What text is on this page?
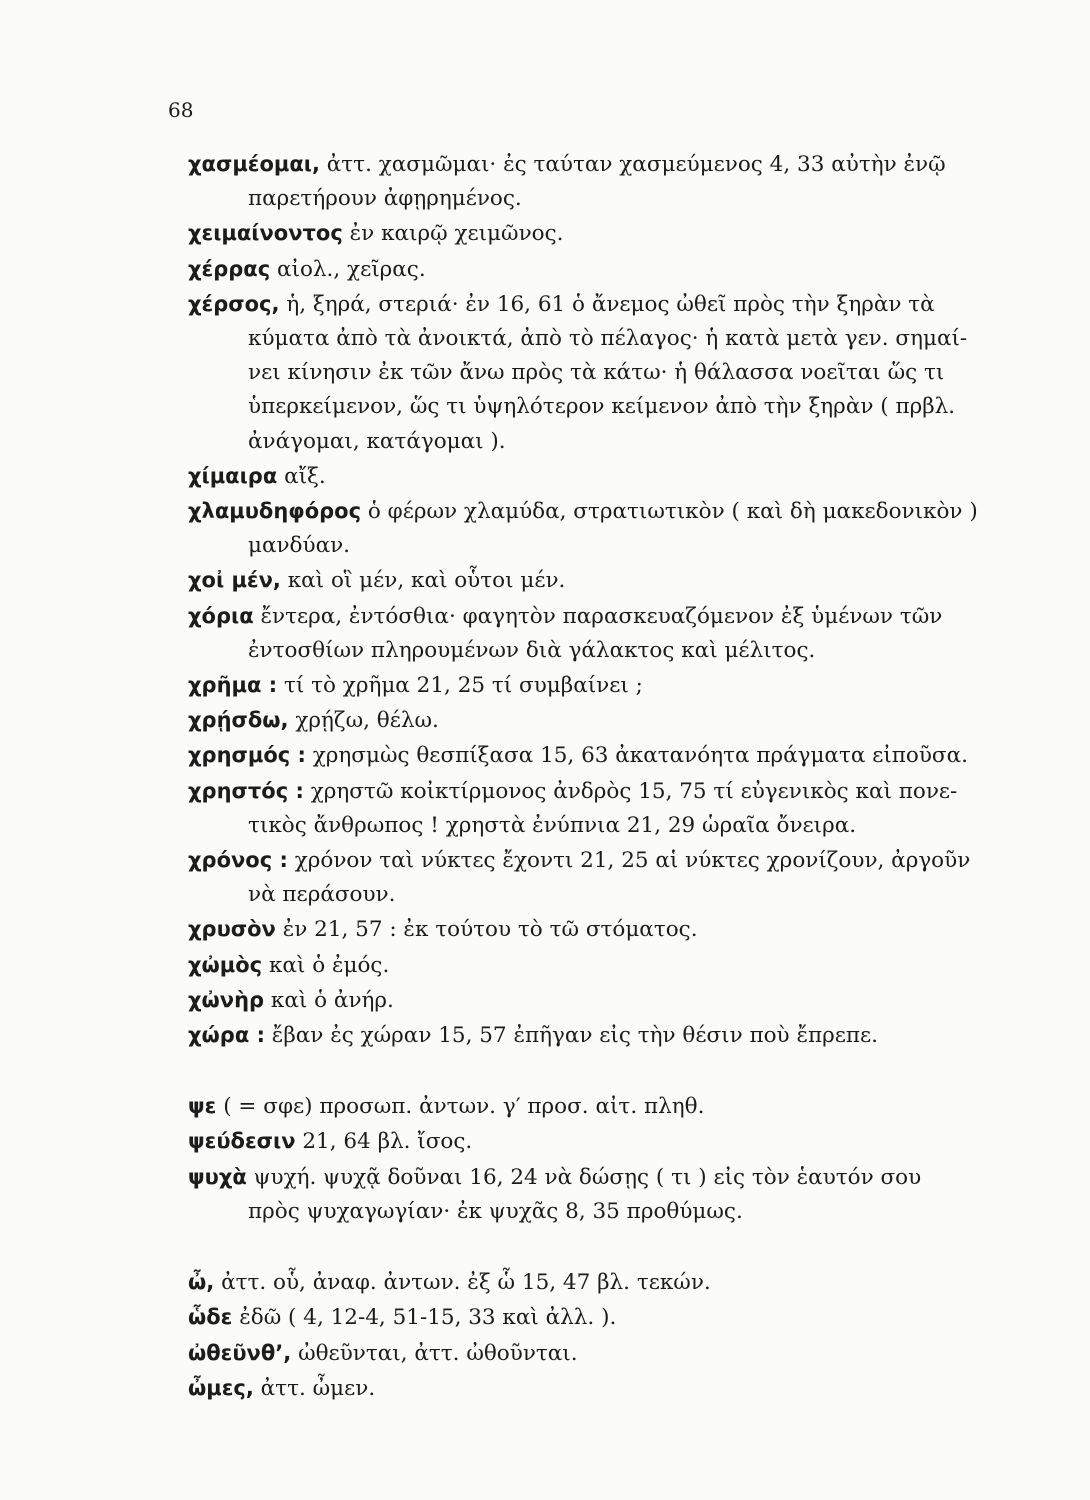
68
χασμέομαι, ἀττ. χασμῶμαι· ἐς ταύταν χασμεύμενος 4, 33 αὐτὴν ἐνῷ
παρετήρουν ἀφῃρημένος.
χειμαίνοντος ἐν καιρῷ χειμῶνος.
χέρρας αἰολ., χεῖρας.
χέρσος, ἡ, ξηρά, στεριά· ἐν 16, 61 ὁ ἄνεμος ὠθεῖ πρὸς τὴν ξηρὰν τὰ
κύματα ἀπὸ τὰ ἀνοικτά, ἀπὸ τὸ πέλαγος· ἡ κατὰ μετὰ γεν. σημαί-
νει κίνησιν ἐκ τῶν ἄνω πρὸς τὰ κάτω· ἡ θάλασσα νοεῖται ὥς τι
ὑπερκείμενον, ὥς τι ὑψηλότερον κείμενον ἀπὸ τὴν ξηρὰν ( πρβλ.
ἀνάγομαι, κατάγομαι ).
χίμαιρα αἴξ.
χλαμυδηφόρος ὁ φέρων χλαμύδα, στρατιωτικὸν ( καὶ δὴ μακεδονικὸν )
μανδύαν.
χοἰ μέν, καὶ οἳ μέν, καὶ οὗτοι μέν.
χόρια ἔντερα, ἐντόσθια· φαγητὸν παρασκευαζόμενον ἐξ ὑμένων τῶν
ἐντοσθίων πληρουμένων διὰ γάλακτος καὶ μέλιτος.
χρῆμα : τί τὸ χρῆμα 21, 25 τί συμβαίνει ;
χρῄσδω, χρῄζω, θέλω.
χρησμός : χρησμὼς θεσπίξασα 15, 63 ἀκατανόητα πράγματα εἰποῦσα.
χρηστός : χρηστῶ κοἰκτίρμονος ἀνδρὸς 15, 75 τί εὐγενικὸς καὶ πονε-
τικὸς ἄνθρωπος ! χρηστὰ ἐνύπνια 21, 29 ὡραῖα ὄνειρα.
χρόνος : χρόνον ταὶ νύκτες ἔχοντι 21, 25 αἱ νύκτες χρονίζουν, ἀργοῦν
νὰ περάσουν.
χρυσὸν ἐν 21, 57 : ἐκ τούτου τὸ τῶ στόματος.
χὠμὸς καὶ ὁ ἐμός.
χὠνὴρ καὶ ὁ ἀνήρ.
χώρα : ἔβαν ἐς χώραν 15, 57 ἐπῆγαν εἰς τὴν θέσιν ποὺ ἔπρεπε.
ψε ( = σφε) προσωπ. ἀντων. γ′ προσ. αἰτ. πληθ.
ψεύδεσιν 21, 64 βλ. ἴσος.
ψυχὰ ψυχή. ψυχᾷ δοῦναι 16, 24 νὰ δώσῃς ( τι ) εἰς τὸν ἑαυτόν σου
πρὸς ψυχαγωγίαν· ἐκ ψυχᾶς 8, 35 προθύμως.
ὦ, ἀττ. οὗ, ἀναφ. ἀντων. ἐξ ὧ 15, 47 βλ. τεκών.
ὧδε ἐδῶ ( 4, 12-4, 51-15, 33 καὶ ἀλλ. ).
ὠθεῦνθ’, ὠθεῦνται, ἀττ. ὠθοῦνται.
ὦμες, ἀττ. ὦμεν.
